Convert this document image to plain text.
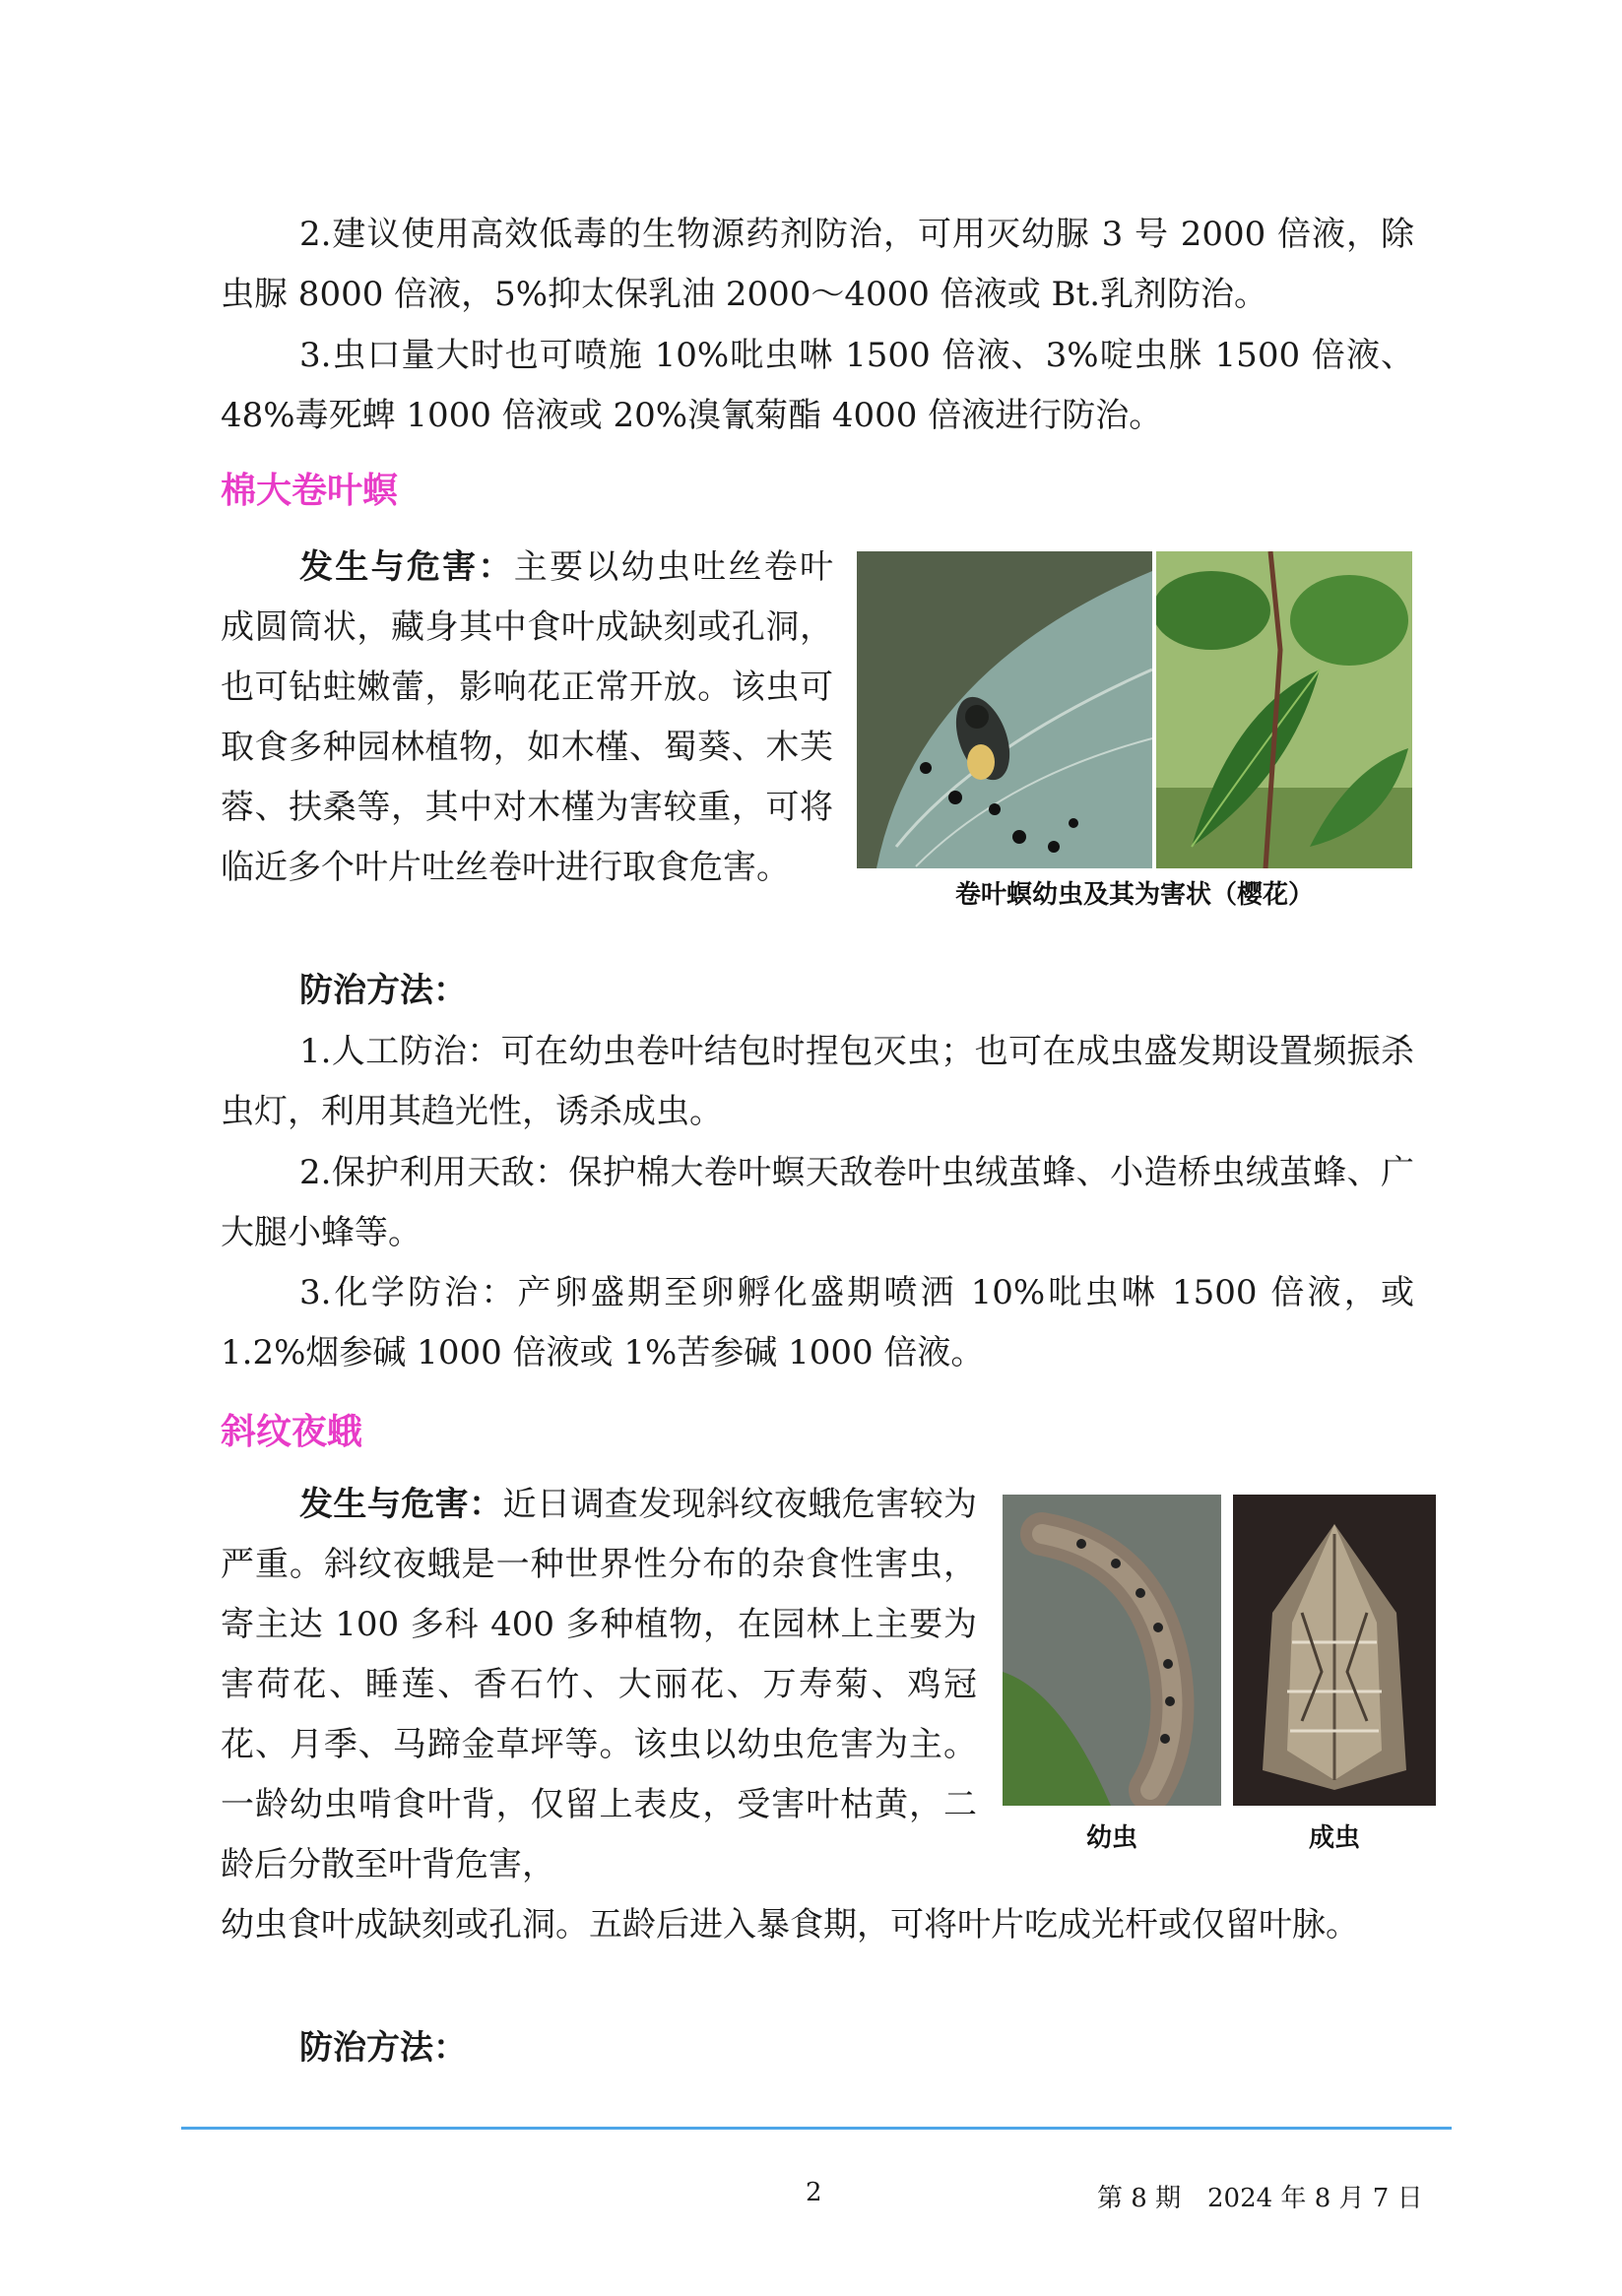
2.建议使用高效低毒的生物源药剂防治，可用灭幼脲 3 号 2000 倍液，除虫脲 8000 倍液，5%抑太保乳油 2000～4000 倍液或 Bt.乳剂防治。

3.虫口量大时也可喷施 10%吡虫啉 1500 倍液、3%啶虫脒 1500 倍液、48%毒死蜱 1000 倍液或 20%溴氰菊酯 4000 倍液进行防治。

棉大卷叶螟
发生与危害：主要以幼虫吐丝卷叶成圆筒状，藏身其中食叶成缺刻或孔洞，也可钻蛀嫩蕾，影响花正常开放。该虫可取食多种园林植物，如木槿、蜀葵、木芙蓉、扶桑等，其中对木槿为害较重，可将临近多个叶片吐丝卷叶进行取食危害。
卷叶螟幼虫及其为害状（樱花）
防治方法：

1.人工防治：可在幼虫卷叶结包时捏包灭虫；也可在成虫盛发期设置频振杀虫灯，利用其趋光性，诱杀成虫。

2.保护利用天敌：保护棉大卷叶螟天敌卷叶虫绒茧蜂、小造桥虫绒茧蜂、广大腿小蜂等。

3.化学防治：产卵盛期至卵孵化盛期喷洒 10%吡虫啉 1500 倍液，或 1.2%烟参碱 1000 倍液或 1%苦参碱 1000 倍液。

斜纹夜蛾
发生与危害：近日调查发现斜纹夜蛾危害较为严重。斜纹夜蛾是一种世界性分布的杂食性害虫，寄主达 100 多科 400 多种植物，在园林上主要为害荷花、睡莲、香石竹、大丽花、万寿菊、鸡冠花、月季、马蹄金草坪等。该虫以幼虫危害为主。一龄幼虫啃食叶背，仅留上表皮，受害叶枯黄，二龄后分散至叶背危害，
幼虫食叶成缺刻或孔洞。五龄后进入暴食期，可将叶片吃成光杆或仅留叶脉。
幼虫	成虫
防治方法：
2	第 8 期 2024 年 8 月 7 日
